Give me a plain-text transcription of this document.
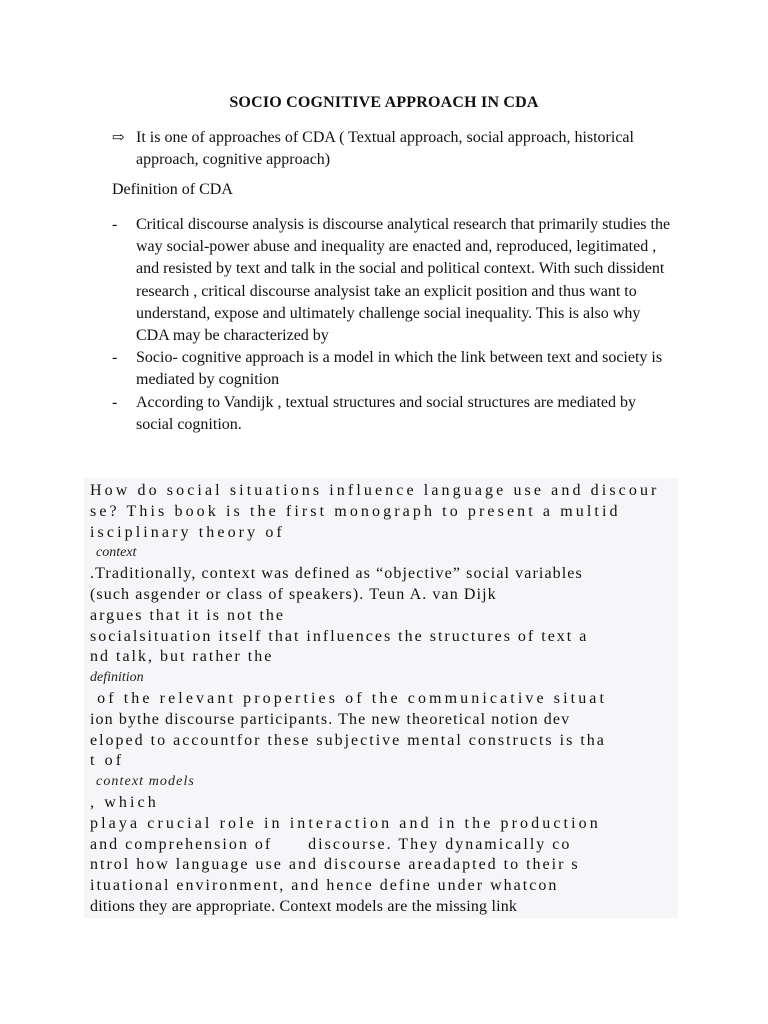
SOCIO COGNITIVE APPROACH IN CDA
⇨ It is one of approaches of CDA ( Textual approach, social approach, historical approach, cognitive approach)
Definition of CDA
- Critical discourse analysis is discourse analytical research that primarily studies the way social-power abuse and inequality are enacted and, reproduced, legitimated , and resisted by text and talk in the social and political context. With such dissident research , critical discourse analysist take an explicit position and thus want to understand, expose and ultimately challenge social inequality. This is also why CDA may be characterized by
- Socio- cognitive approach is a model in which the link between text and society is mediated by cognition
- According to Vandijk , textual structures and social structures are mediated by social cognition.
How do social situations influence language use and discour
se? This book is the first monograph to present a multid
isciplinary theory of
context
.Traditionally, context was defined as “objective” social variables
(such asgender or class of speakers). Teun A. van Dijk
argues that it is not the
socialsituation itself that influences the structures of text a
nd talk, but rather the
definition
of the relevant properties of the communicative situat
ion bythe discourse participants. The new theoretical notion dev
eloped to accountfor these subjective mental constructs is tha
t of
context models
, which
playa crucial role in interaction and in the production
and comprehension of      discourse. They dynamically co
ntrol how language use and discourse areadapted to their s
ituational environment, and hence define under whatcon
ditions they are appropriate. Context models are the missing link
